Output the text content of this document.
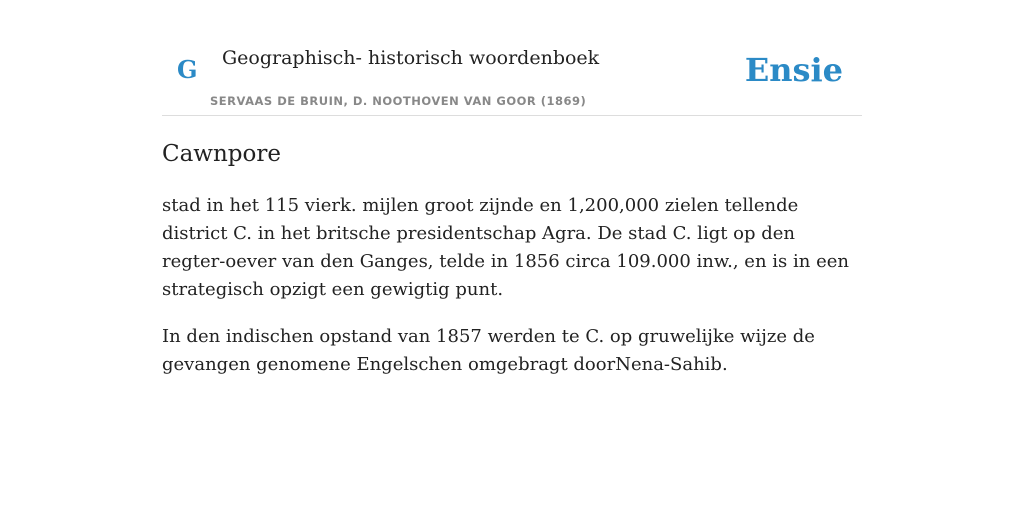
G Geographisch- historisch woordenboek
SERVAAS DE BRUIN, D. NOOTHOVEN VAN GOOR (1869)
Ensie
Cawnpore

stad in het 115 vierk. mijlen groot zijnde en 1,200,000 zielen tellende district C. in het britsche presidentschap Agra. De stad C. ligt op den regter-oever van den Ganges, telde in 1856 circa 109.000 inw., en is in een strategisch opzigt een gewigtig punt.

In den indischen opstand van 1857 werden te C. op gruwelijke wijze de gevangen genomene Engelschen omgebragt doorNena-Sahib.
